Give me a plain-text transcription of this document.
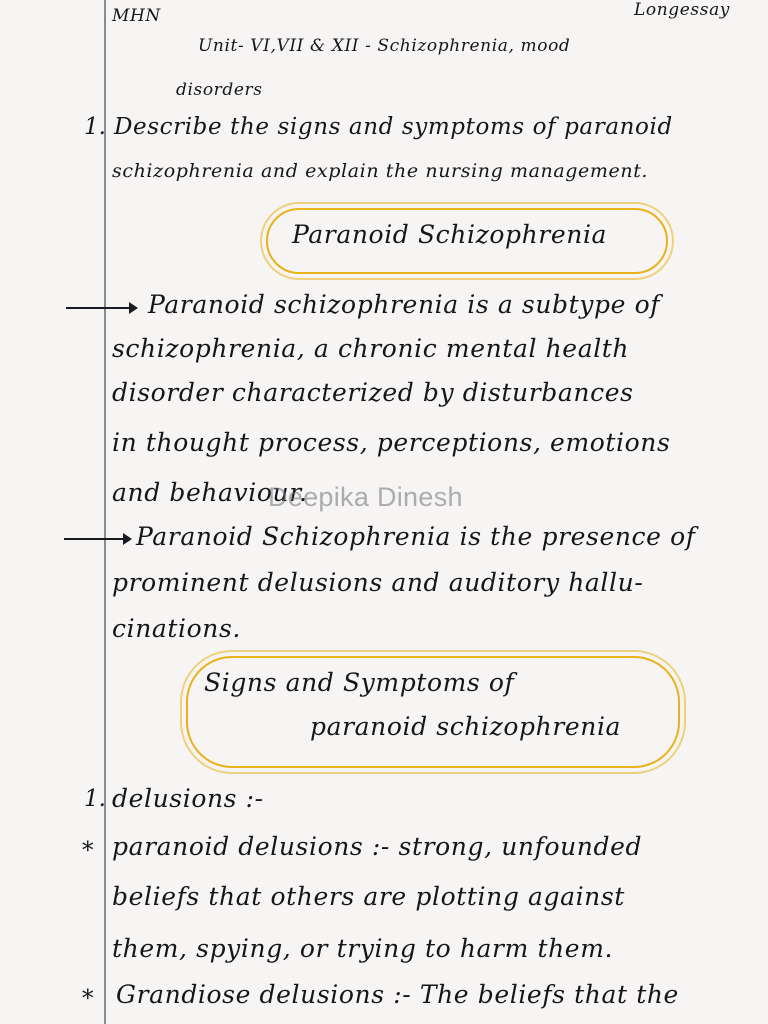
MHN	Longessay
Unit- VI,VII & XII - Schizophrenia, mood
disorders
1. Describe the signs and symptoms of paranoid
schizophrenia and explain the nursing management.
Paranoid Schizophrenia
Paranoid schizophrenia is a subtype of
schizophrenia, a chronic mental health
disorder characterized by disturbances
in thought process, perceptions, emotions
and behaviour.
Deepika Dinesh
Paranoid Schizophrenia is the presence of
prominent delusions and auditory hallu-
cinations.
Signs and Symptoms of
paranoid schizophrenia
1. delusions :-
* paranoid delusions :- strong, unfounded
beliefs that others are plotting against
them, spying, or trying to harm them.
* Grandiose delusions :- The beliefs that the
